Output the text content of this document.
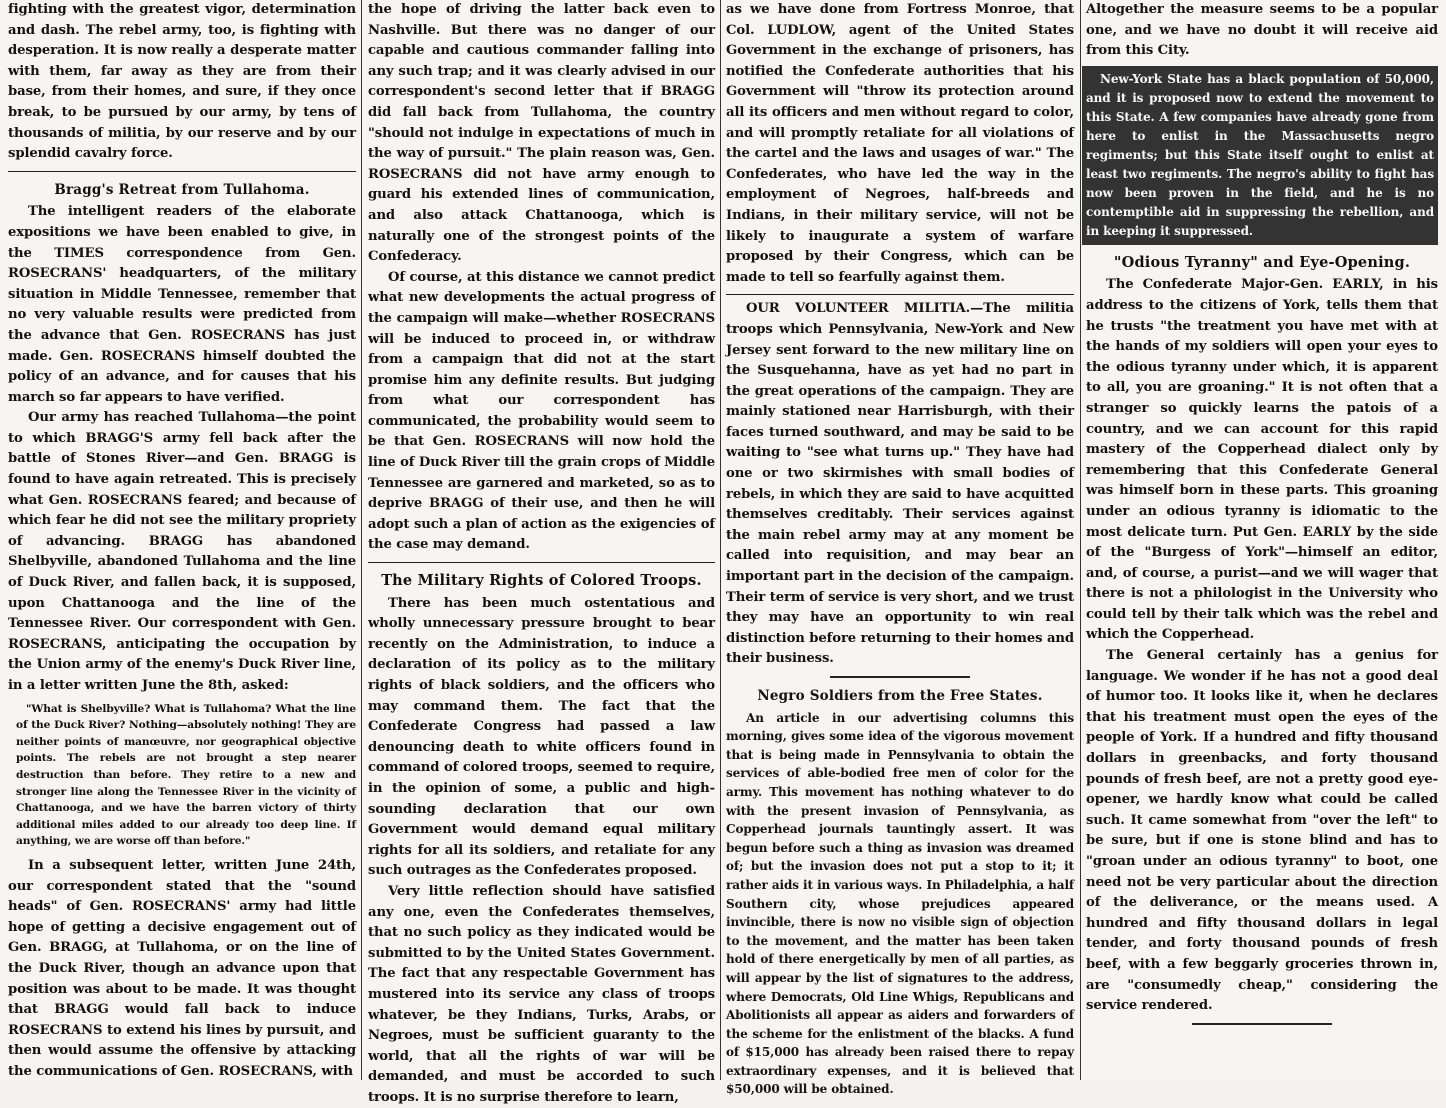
fighting with the greatest vigor, determination and dash. The rebel army, too, is fighting with desperation. It is now really a desperate matter with them, far away as they are from their base, from their homes, and sure, if they once break, to be pursued by our army, by tens of thousands of militia, by our reserve and by our splendid cavalry force.

Bragg's Retreat from Tullahoma.

The intelligent readers of the elaborate expositions we have been enabled to give, in the TIMES correspondence from Gen. ROSECRANS' headquarters, of the military situation in Middle Tennessee, remember that no very valuable results were predicted from the advance that Gen. ROSECRANS has just made. Gen. ROSECRANS himself doubted the policy of an advance, and for causes that his march so far appears to have verified.

Our army has reached Tullahoma—the point to which BRAGG'S army fell back after the battle of Stones River—and Gen. BRAGG is found to have again retreated. This is precisely what Gen. ROSECRANS feared; and because of which fear he did not see the military propriety of advancing. BRAGG has abandoned Shelbyville, abandoned Tullahoma and the line of Duck River, and fallen back, it is supposed, upon Chattanooga and the line of the Tennessee River. Our correspondent with Gen. ROSECRANS, anticipating the occupation by the Union army of the enemy's Duck River line, in a letter written June the 8th, asked:

"What is Shelbyville? What is Tullahoma? What the line of the Duck River? Nothing—absolutely nothing! They are neither points of manœuvre, nor geographical objective points. The rebels are not brought a step nearer destruction than before. They retire to a new and stronger line along the Tennessee River in the vicinity of Chattanooga, and we have the barren victory of thirty additional miles added to our already too deep line. If anything, we are worse off than before."

In a subsequent letter, written June 24th, our correspondent stated that the "sound heads" of Gen. ROSECRANS' army had little hope of getting a decisive engagement out of Gen. BRAGG, at Tullahoma, or on the line of the Duck River, though an advance upon that position was about to be made. It was thought that BRAGG would fall back to induce ROSECRANS to extend his lines by pursuit, and then would assume the offensive by attacking the communications of Gen. ROSECRANS, with

the hope of driving the latter back even to Nashville. But there was no danger of our capable and cautious commander falling into any such trap; and it was clearly advised in our correspondent's second letter that if BRAGG did fall back from Tullahoma, the country "should not indulge in expectations of much in the way of pursuit." The plain reason was, Gen. ROSECRANS did not have army enough to guard his extended lines of communication, and also attack Chattanooga, which is naturally one of the strongest points of the Confederacy.

Of course, at this distance we cannot predict what new developments the actual progress of the campaign will make—whether ROSECRANS will be induced to proceed in, or withdraw from a campaign that did not at the start promise him any definite results. But judging from what our correspondent has communicated, the probability would seem to be that Gen. ROSECRANS will now hold the line of Duck River till the grain crops of Middle Tennessee are garnered and marketed, so as to deprive BRAGG of their use, and then he will adopt such a plan of action as the exigencies of the case may demand.

The Military Rights of Colored Troops.

There has been much ostentatious and wholly unnecessary pressure brought to bear recently on the Administration, to induce a declaration of its policy as to the military rights of black soldiers, and the officers who may command them. The fact that the Confederate Congress had passed a law denouncing death to white officers found in command of colored troops, seemed to require, in the opinion of some, a public and high-sounding declaration that our own Government would demand equal military rights for all its soldiers, and retaliate for any such outrages as the Confederates proposed.

Very little reflection should have satisfied any one, even the Confederates themselves, that no such policy as they indicated would be submitted to by the United States Government. The fact that any respectable Government has mustered into its service any class of troops whatever, be they Indians, Turks, Arabs, or Negroes, must be sufficient guaranty to the world, that all the rights of war will be demanded, and must be accorded to such troops. It is no surprise therefore to learn,

as we have done from Fortress Monroe, that Col. LUDLOW, agent of the United States Government in the exchange of prisoners, has notified the Confederate authorities that his Government will "throw its protection around all its officers and men without regard to color, and will promptly retaliate for all violations of the cartel and the laws and usages of war." The Confederates, who have led the way in the employment of Negroes, half-breeds and Indians, in their military service, will not be likely to inaugurate a system of warfare proposed by their Congress, which can be made to tell so fearfully against them.

OUR VOLUNTEER MILITIA.—The militia troops which Pennsylvania, New-York and New Jersey sent forward to the new military line on the Susquehanna, have as yet had no part in the great operations of the campaign. They are mainly stationed near Harrisburgh, with their faces turned southward, and may be said to be waiting to "see what turns up." They have had one or two skirmishes with small bodies of rebels, in which they are said to have acquitted themselves creditably. Their services against the main rebel army may at any moment be called into requisition, and may bear an important part in the decision of the campaign. Their term of service is very short, and we trust they may have an opportunity to win real distinction before returning to their homes and their business.

Negro Soldiers from the Free States.

An article in our advertising columns this morning, gives some idea of the vigorous movement that is being made in Pennsylvania to obtain the services of able-bodied free men of color for the army. This movement has nothing whatever to do with the present invasion of Pennsylvania, as Copperhead journals tauntingly assert. It was begun before such a thing as invasion was dreamed of; but the invasion does not put a stop to it; it rather aids it in various ways. In Philadelphia, a half Southern city, whose prejudices appeared invincible, there is now no visible sign of objection to the movement, and the matter has been taken hold of there energetically by men of all parties, as will appear by the list of signatures to the address, where Democrats, Old Line Whigs, Republicans and Abolitionists all appear as aiders and forwarders of the scheme for the enlistment of the blacks. A fund of $15,000 has already been raised there to repay extraordinary expenses, and it is believed that $50,000 will be obtained.

Altogether the measure seems to be a popular one, and we have no doubt it will receive aid from this City.

New-York State has a black population of 50,000, and it is proposed now to extend the movement to this State. A few companies have already gone from here to enlist in the Massachusetts negro regiments; but this State itself ought to enlist at least two regiments. The negro's ability to fight has now been proven in the field, and he is no contemptible aid in suppressing the rebellion, and in keeping it suppressed.

"Odious Tyranny" and Eye-Opening.

The Confederate Major-Gen. EARLY, in his address to the citizens of York, tells them that he trusts "the treatment you have met with at the hands of my soldiers will open your eyes to the odious tyranny under which, it is apparent to all, you are groaning." It is not often that a stranger so quickly learns the patois of a country, and we can account for this rapid mastery of the Copperhead dialect only by remembering that this Confederate General was himself born in these parts. This groaning under an odious tyranny is idiomatic to the most delicate turn. Put Gen. EARLY by the side of the "Burgess of York"—himself an editor, and, of course, a purist—and we will wager that there is not a philologist in the University who could tell by their talk which was the rebel and which the Copperhead.

The General certainly has a genius for language. We wonder if he has not a good deal of humor too. It looks like it, when he declares that his treatment must open the eyes of the people of York. If a hundred and fifty thousand dollars in greenbacks, and forty thousand pounds of fresh beef, are not a pretty good eye-opener, we hardly know what could be called such. It came somewhat from "over the left" to be sure, but if one is stone blind and has to "groan under an odious tyranny" to boot, one need not be very particular about the direction of the deliverance, or the means used. A hundred and fifty thousand dollars in legal tender, and forty thousand pounds of fresh beef, with a few beggarly groceries thrown in, are "consumedly cheap," considering the service rendered.
